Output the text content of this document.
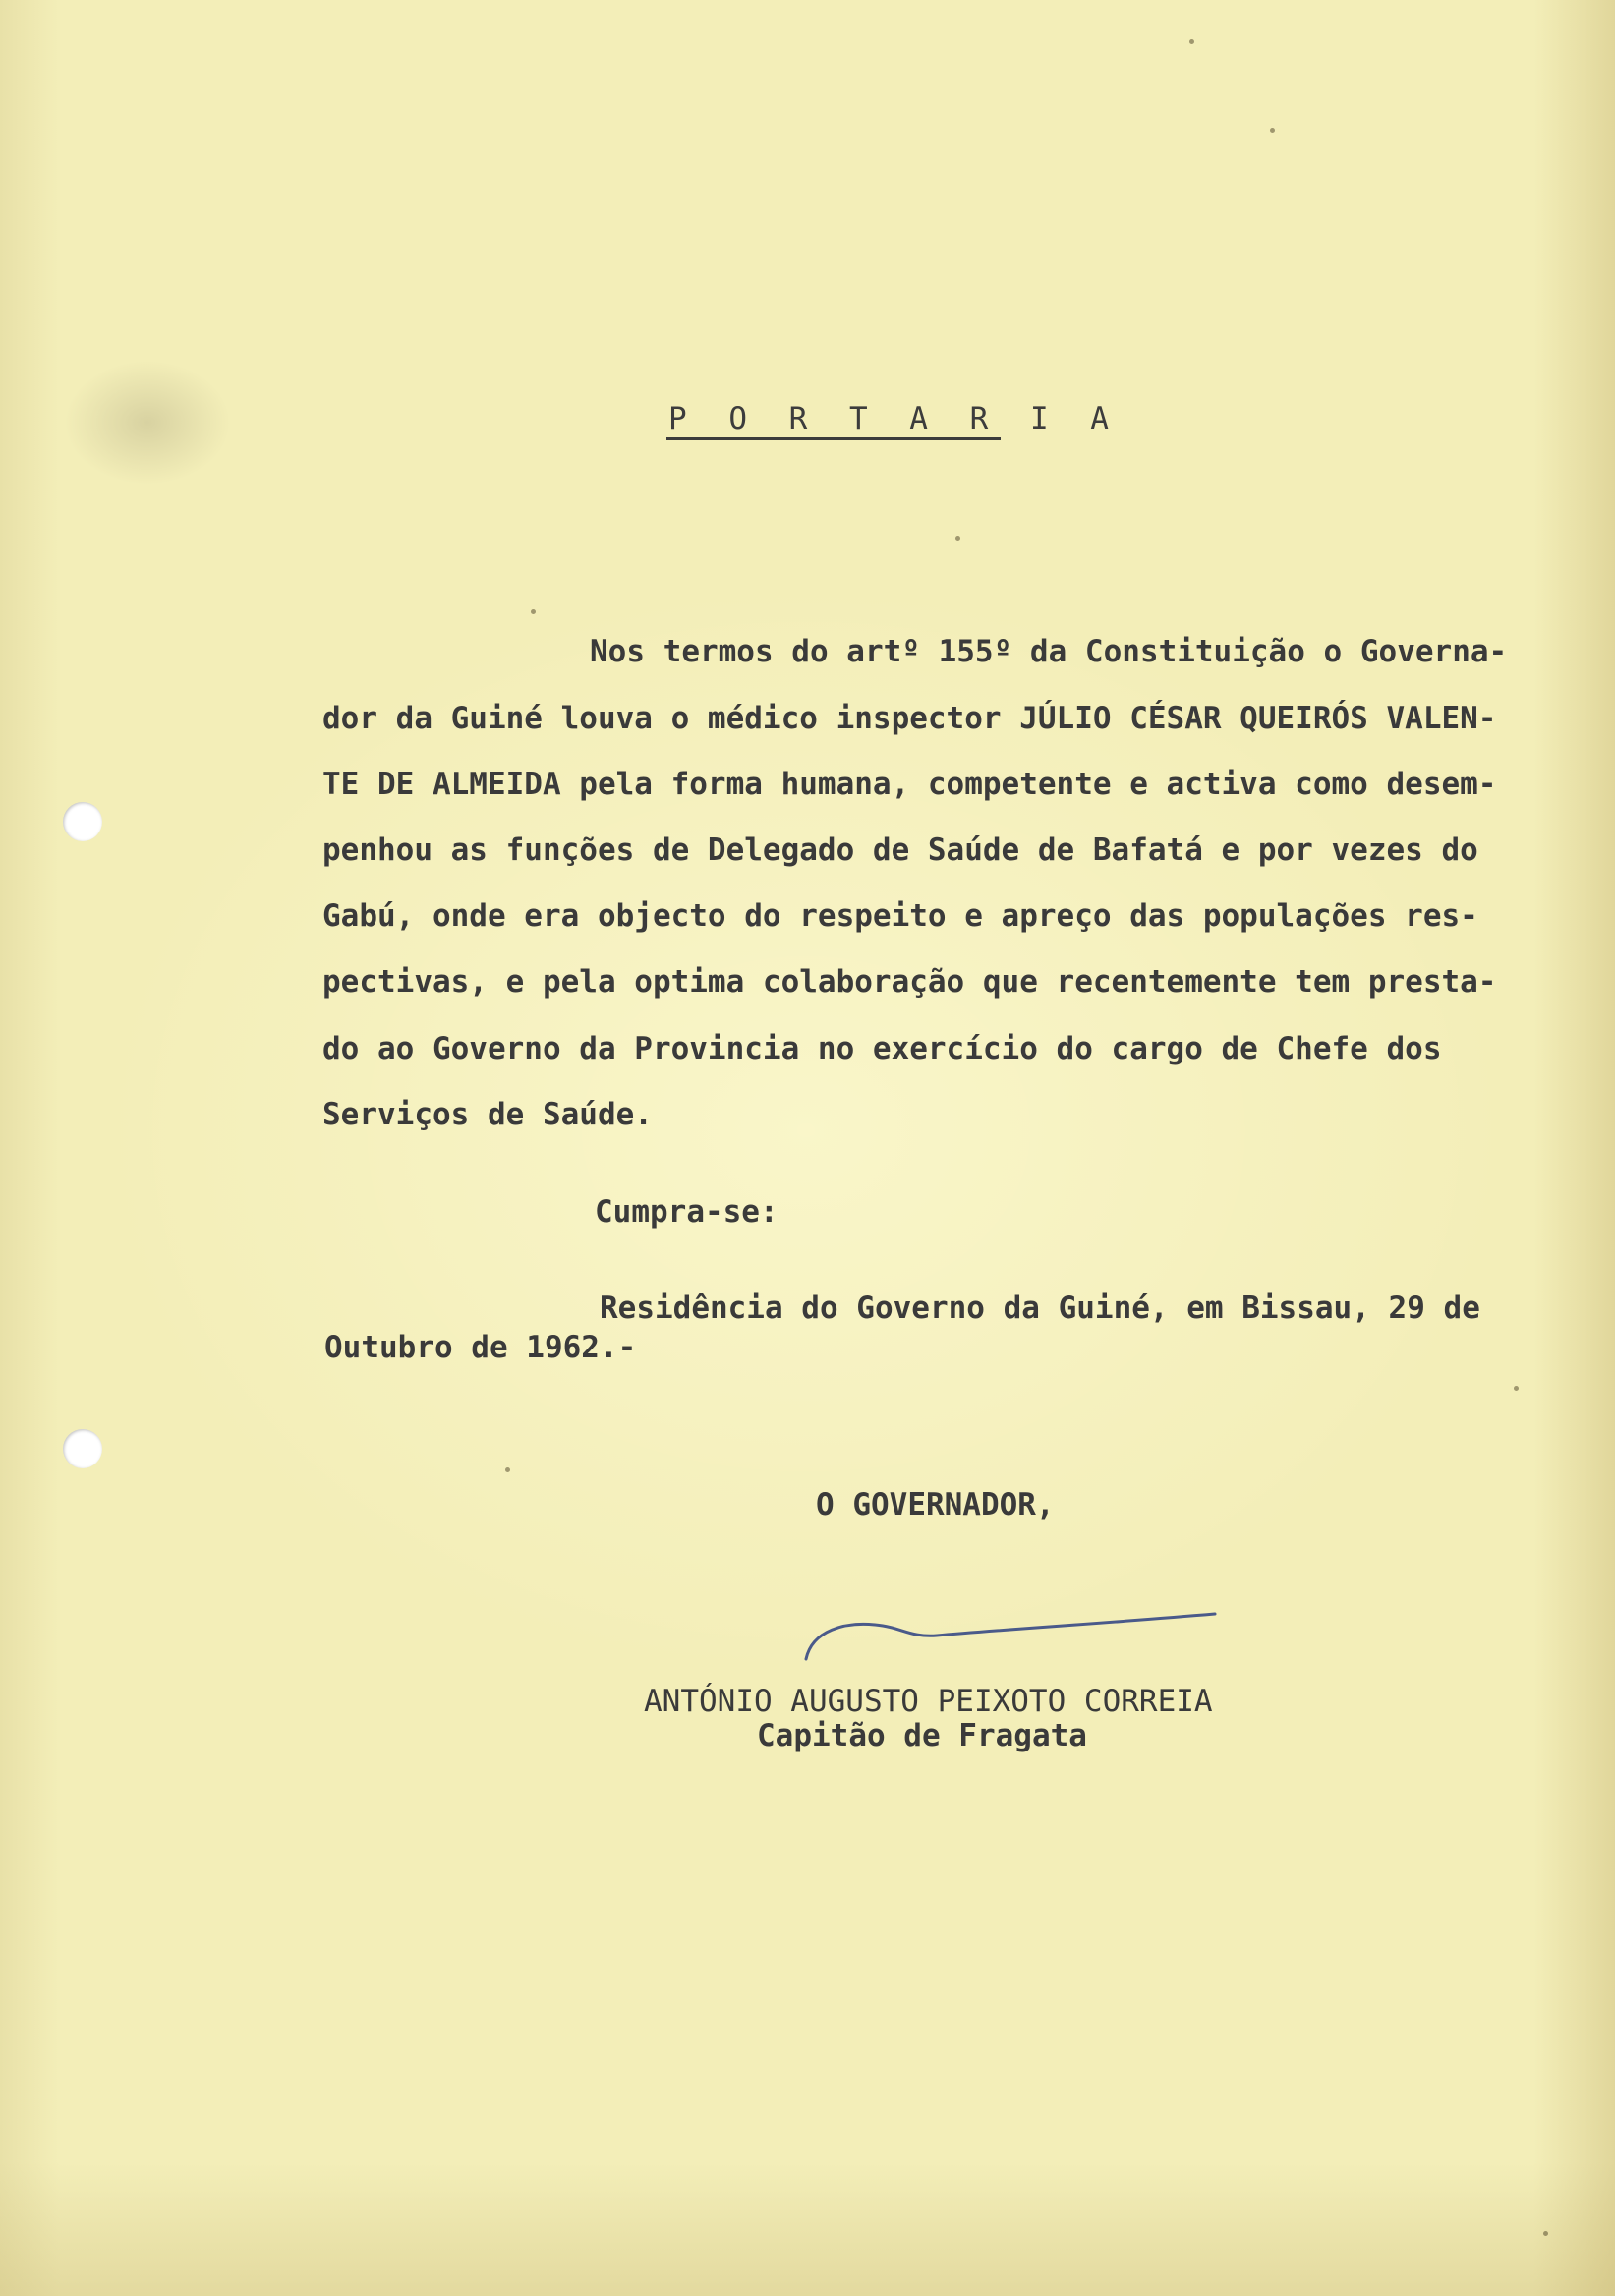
P O R T A R I A
Nos termos do artº 155º da Constituição o Governa-
dor da Guiné louva o médico inspector JÚLIO CÉSAR QUEIRÓS VALEN-
TE DE ALMEIDA pela forma humana, competente e activa como desem-
penhou as funções de Delegado de Saúde de Bafatá e por vezes do
Gabú, onde era objecto do respeito e apreço das populações res-
pectivas, e pela optima colaboração que recentemente tem presta-
do ao Governo da Provincia no exercício do cargo de Chefe dos
Serviços de Saúde.
Cumpra-se:
Residência do Governo da Guiné, em Bissau, 29 de
Outubro de 1962.-
O GOVERNADOR,
ANTÓNIO AUGUSTO PEIXOTO CORREIA
Capitão de Fragata
